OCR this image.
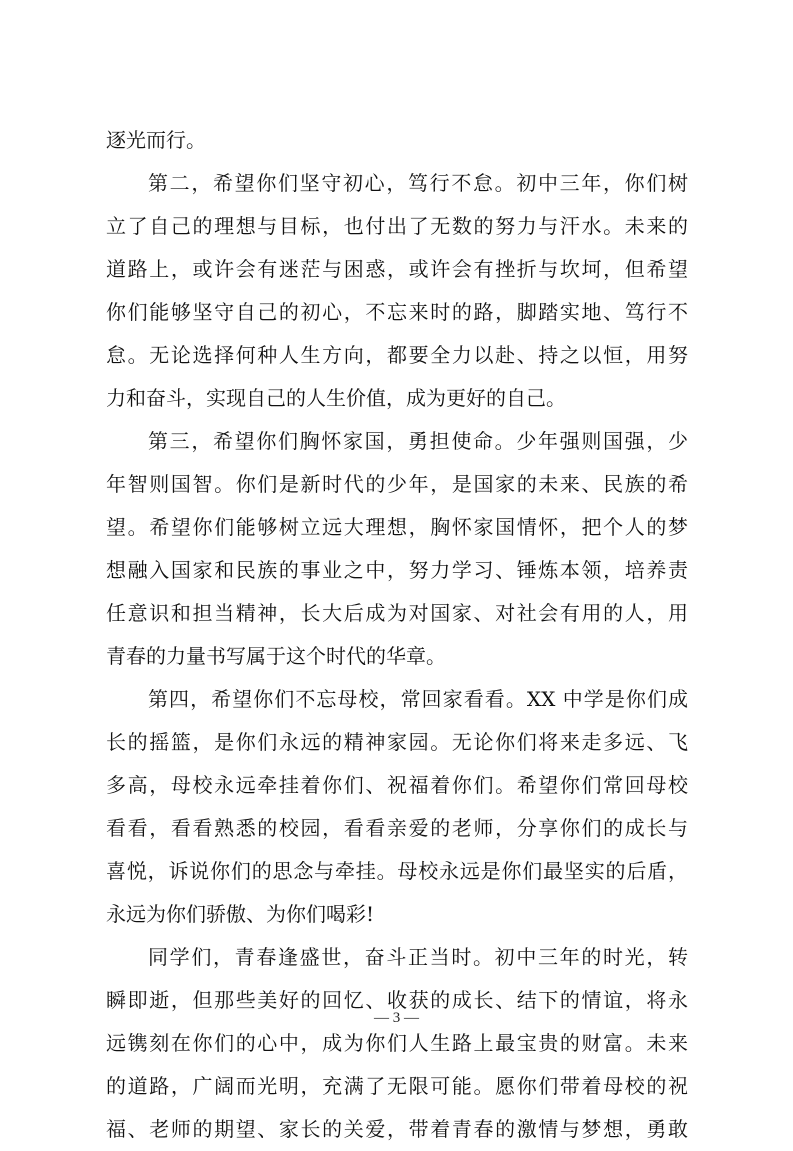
逐光而行。
第二，希望你们坚守初心，笃行不怠。初中三年，你们树
立了自己的理想与目标，也付出了无数的努力与汗水。未来的
道路上，或许会有迷茫与困惑，或许会有挫折与坎坷，但希望
你们能够坚守自己的初心，不忘来时的路，脚踏实地、笃行不
怠。无论选择何种人生方向，都要全力以赴、持之以恒，用努
力和奋斗，实现自己的人生价值，成为更好的自己。
第三，希望你们胸怀家国，勇担使命。少年强则国强，少
年智则国智。你们是新时代的少年，是国家的未来、民族的希
望。希望你们能够树立远大理想，胸怀家国情怀，把个人的梦
想融入国家和民族的事业之中，努力学习、锤炼本领，培养责
任意识和担当精神，长大后成为对国家、对社会有用的人，用
青春的力量书写属于这个时代的华章。
第四，希望你们不忘母校，常回家看看。XX 中学是你们成
长的摇篮，是你们永远的精神家园。无论你们将来走多远、飞
多高，母校永远牵挂着你们、祝福着你们。希望你们常回母校
看看，看看熟悉的校园，看看亲爱的老师，分享你们的成长与
喜悦，诉说你们的思念与牵挂。母校永远是你们最坚实的后盾，
永远为你们骄傲、为你们喝彩!
同学们，青春逢盛世，奋斗正当时。初中三年的时光，转
瞬即逝，但那些美好的回忆、收获的成长、结下的情谊，将永
远镌刻在你们的心中，成为你们人生路上最宝贵的财富。未来
的道路，广阔而光明，充满了无限可能。愿你们带着母校的祝
福、老师的期望、家长的关爱，带着青春的激情与梦想，勇敢
— 3 —
